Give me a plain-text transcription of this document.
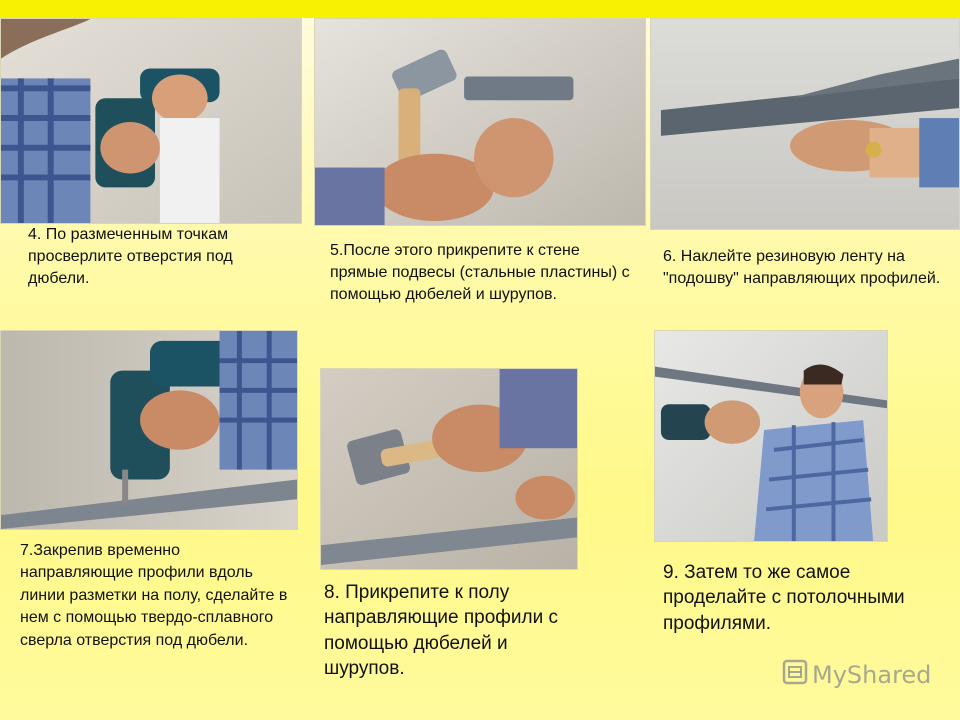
4. По размеченным точкам просверлите отверстия под дюбели.
5.После этого прикрепите к стене прямые подвесы (стальные пластины) с помощью дюбелей и шурупов.
6. Наклейте резиновую ленту на "подошву" направляющих профилей.
7.Закрепив временно направляющие профили вдоль линии разметки на полу, сделайте в нем с помощью твердо-сплавного сверла отверстия под дюбели.
8. Прикрепите к полу направляющие профили с помощью дюбелей и шурупов.
9. Затем то же самое проделайте с потолочными профилями.
MyShared
